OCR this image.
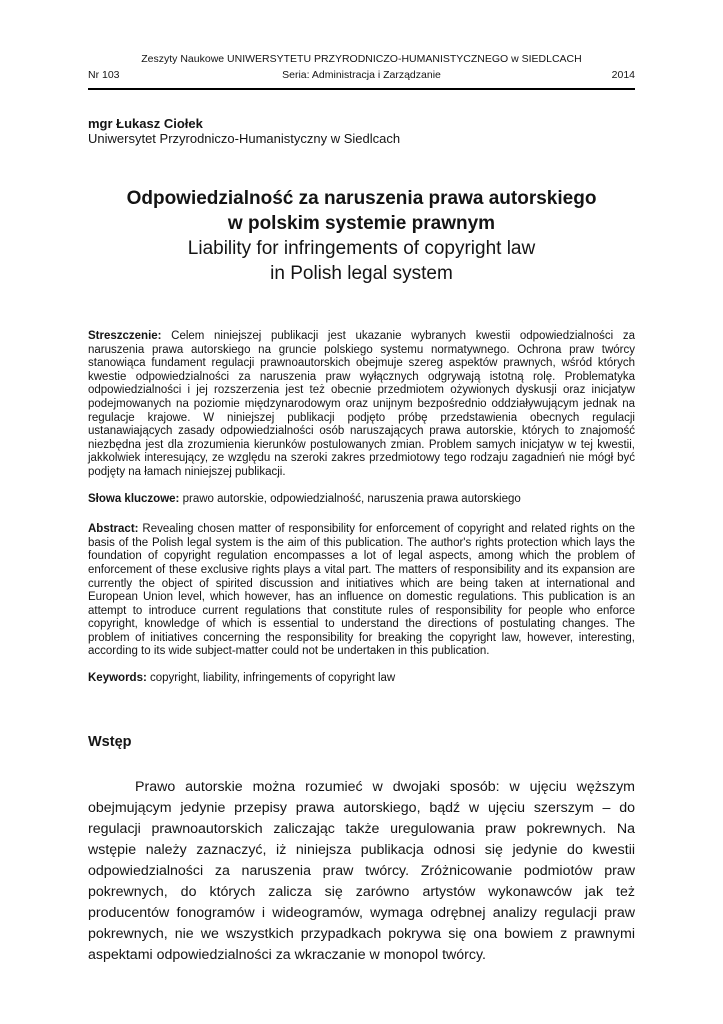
Zeszyty Naukowe UNIWERSYTETU PRZYRODNICZO-HUMANISTYCZNEGO w SIEDLCACH
Nr 103	Seria: Administracja i Zarządzanie	2014
mgr Łukasz Ciołek
Uniwersytet Przyrodniczo-Humanistyczny w Siedlcach
Odpowiedzialność za naruszenia prawa autorskiego
w polskim systemie prawnym
Liability for infringements of copyright law
in Polish legal system

Streszczenie: Celem niniejszej publikacji jest ukazanie wybranych kwestii odpowiedzialności za naruszenia prawa autorskiego na gruncie polskiego systemu normatywnego. Ochrona praw twórcy stanowiąca fundament regulacji prawnoautorskich obejmuje szereg aspektów prawnych, wśród których kwestie odpowiedzialności za naruszenia praw wyłącznych odgrywają istotną rolę. Problematyka odpowiedzialności i jej rozszerzenia jest też obecnie przedmiotem ożywionych dyskusji oraz inicjatyw podejmowanych na poziomie międzynarodowym oraz unijnym bezpośrednio oddziaływującym jednak na regulacje krajowe. W niniejszej publikacji podjęto próbę przedstawienia obecnych regulacji ustanawiających zasady odpowiedzialności osób naruszających prawa autorskie, których to znajomość niezbędna jest dla zrozumienia kierunków postulowanych zmian. Problem samych inicjatyw w tej kwestii, jakkolwiek interesujący, ze względu na szeroki zakres przedmiotowy tego rodzaju zagadnień nie mógł być podjęty na łamach niniejszej publikacji.

Słowa kluczowe: prawo autorskie, odpowiedzialność, naruszenia prawa autorskiego

Abstract: Revealing chosen matter of responsibility for enforcement of copyright and related rights on the basis of the Polish legal system is the aim of this publication. The author's rights protection which lays the foundation of copyright regulation encompasses a lot of legal aspects, among which the problem of enforcement of these exclusive rights plays a vital part. The matters of responsibility and its expansion are currently the object of spirited discussion and initiatives which are being taken at international and European Union level, which however, has an influence on domestic regulations. This publication is an attempt to introduce current regulations that constitute rules of responsibility for people who enforce copyright, knowledge of which is essential to understand the directions of postulating changes. The problem of initiatives concerning the responsibility for breaking the copyright law, however, interesting, according to its wide subject-matter could not be undertaken in this publication.

Keywords: copyright, liability, infringements of copyright law

Wstęp

Prawo autorskie można rozumieć w dwojaki sposób: w ujęciu węższym obejmującym jedynie przepisy prawa autorskiego, bądź w ujęciu szerszym – do regulacji prawnoautorskich zaliczając także uregulowania praw pokrewnych. Na wstępie należy zaznaczyć, iż niniejsza publikacja odnosi się jedynie do kwestii odpowiedzialności za naruszenia praw twórcy. Zróżnicowanie podmiotów praw pokrewnych, do których zalicza się zarówno artystów wykonawców jak też producentów fonogramów i wideogramów, wymaga odrębnej analizy regulacji praw pokrewnych, nie we wszystkich przypadkach pokrywa się ona bowiem z prawnymi aspektami odpowiedzialności za wkraczanie w monopol twórcy.
